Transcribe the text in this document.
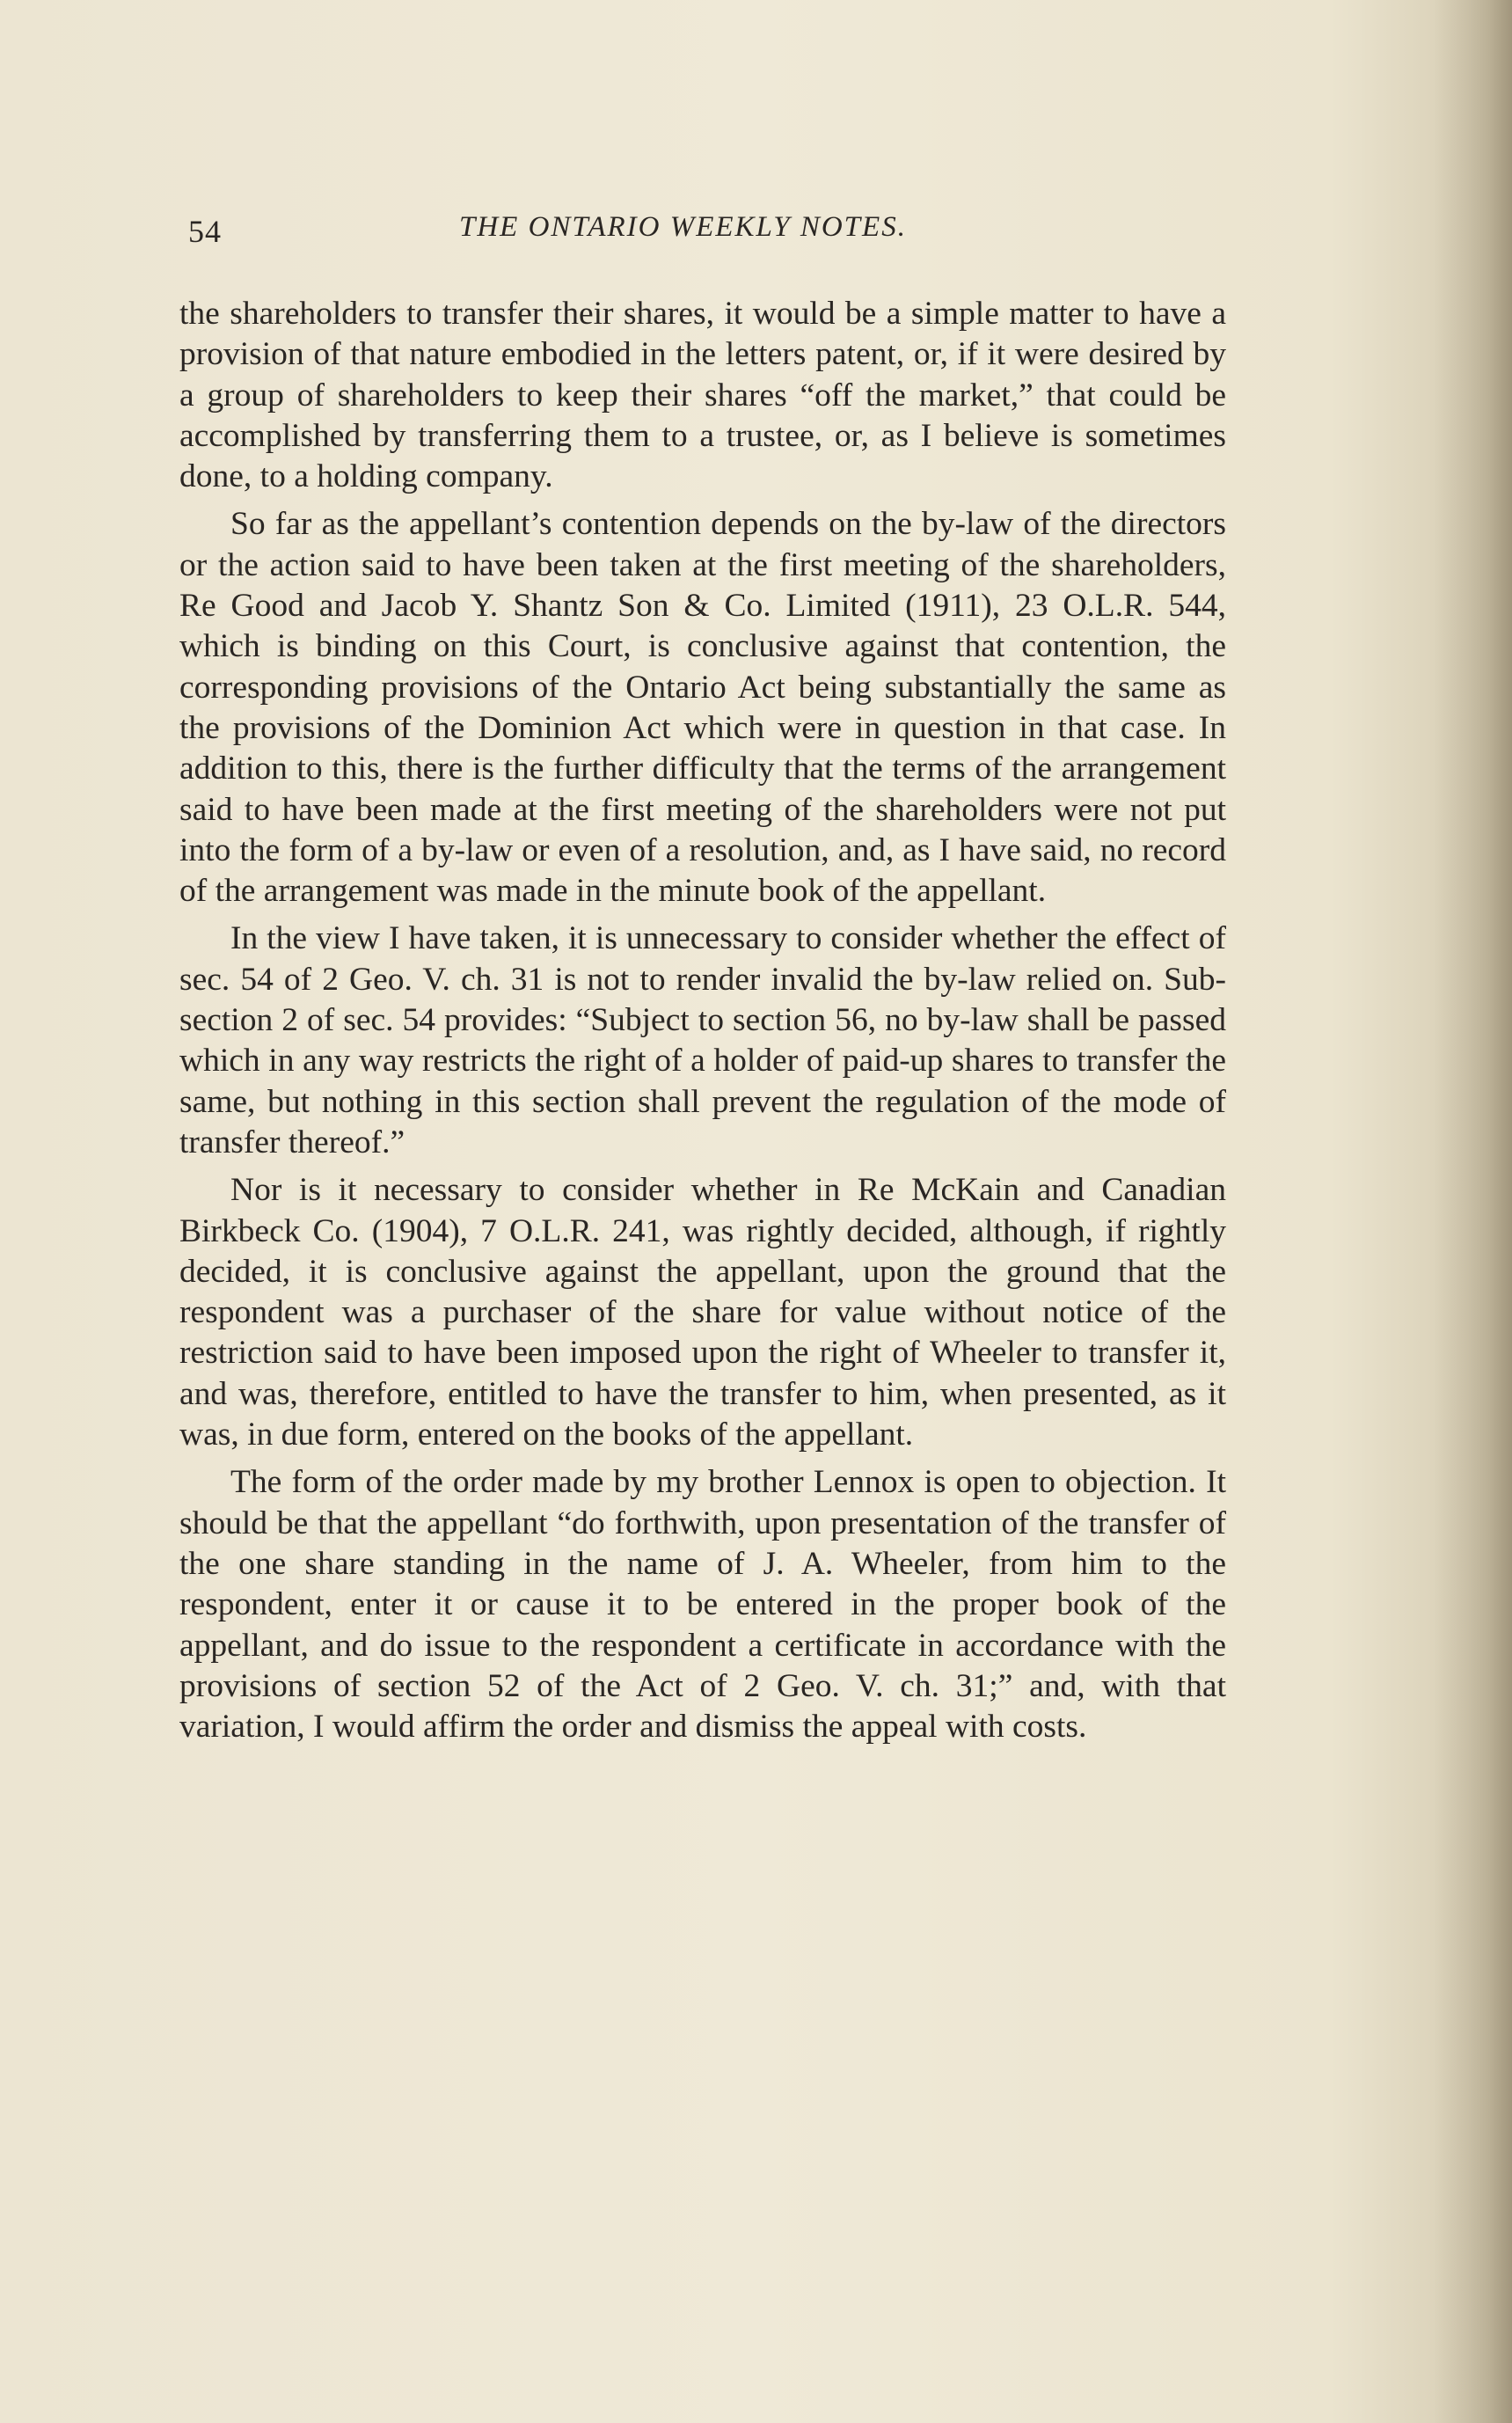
54	THE ONTARIO WEEKLY NOTES.

the shareholders to transfer their shares, it would be a simple matter to have a provision of that nature embodied in the letters patent, or, if it were desired by a group of shareholders to keep their shares “off the market,” that could be accomplished by transferring them to a trustee, or, as I believe is sometimes done, to a holding company.

So far as the appellant’s contention depends on the by-law of the directors or the action said to have been taken at the first meeting of the shareholders, Re Good and Jacob Y. Shantz Son & Co. Limited (1911), 23 O.L.R. 544, which is binding on this Court, is conclusive against that contention, the corresponding provisions of the Ontario Act being substantially the same as the provisions of the Dominion Act which were in question in that case. In addition to this, there is the further difficulty that the terms of the arrangement said to have been made at the first meeting of the shareholders were not put into the form of a by-law or even of a resolution, and, as I have said, no record of the arrangement was made in the minute book of the appellant.

In the view I have taken, it is unnecessary to consider whether the effect of sec. 54 of 2 Geo. V. ch. 31 is not to render invalid the by-law relied on. Sub-section 2 of sec. 54 provides: “Subject to section 56, no by-law shall be passed which in any way restricts the right of a holder of paid-up shares to transfer the same, but nothing in this section shall prevent the regulation of the mode of transfer thereof.”

Nor is it necessary to consider whether in Re McKain and Canadian Birkbeck Co. (1904), 7 O.L.R. 241, was rightly decided, although, if rightly decided, it is conclusive against the appellant, upon the ground that the respondent was a purchaser of the share for value without notice of the restriction said to have been imposed upon the right of Wheeler to transfer it, and was, therefore, entitled to have the transfer to him, when presented, as it was, in due form, entered on the books of the appellant.

The form of the order made by my brother Lennox is open to objection. It should be that the appellant “do forthwith, upon presentation of the transfer of the one share standing in the name of J. A. Wheeler, from him to the respondent, enter it or cause it to be entered in the proper book of the appellant, and do issue to the respondent a certificate in accordance with the provisions of section 52 of the Act of 2 Geo. V. ch. 31;” and, with that variation, I would affirm the order and dismiss the appeal with costs.
